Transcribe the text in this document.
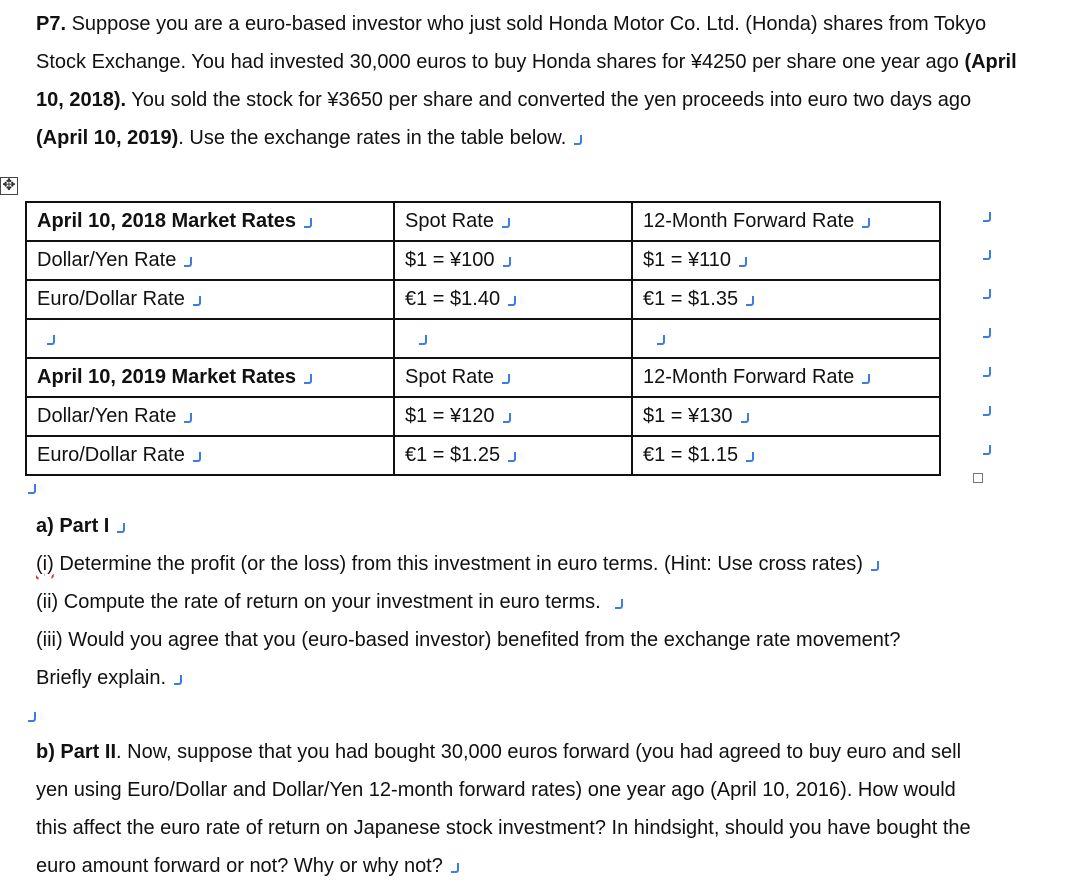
✥
P7. Suppose you are a euro-based investor who just sold Honda Motor Co. Ltd. (Honda) shares from Tokyo Stock Exchange. You had invested 30,000 euros to buy Honda shares for ¥4250 per share one year ago (April 10, 2018). You sold the stock for ¥3650 per share and converted the yen proceeds into euro two days ago (April 10, 2019). Use the exchange rates in the table below.
April 10, 2018 Market Rates	Spot Rate	12-Month Forward Rate
Dollar/Yen Rate	$1 = ¥100	$1 = ¥110
Euro/Dollar Rate	€1 = $1.40	€1 = $1.35

April 10, 2019 Market Rates	Spot Rate	12-Month Forward Rate
Dollar/Yen Rate	$1 = ¥120	$1 = ¥130
Euro/Dollar Rate	€1 = $1.25	€1 = $1.15
a) Part I
(i) Determine the profit (or the loss) from this investment in euro terms. (Hint: Use cross rates)
(ii) Compute the rate of return on your investment in euro terms.
(iii) Would you agree that you (euro-based investor) benefited from the exchange rate movement? Briefly explain.
b) Part II. Now, suppose that you had bought 30,000 euros forward (you had agreed to buy euro and sell yen using Euro/Dollar and Dollar/Yen 12-month forward rates) one year ago (April 10, 2016). How would this affect the euro rate of return on Japanese stock investment? In hindsight, should you have bought the euro amount forward or not? Why or why not?
